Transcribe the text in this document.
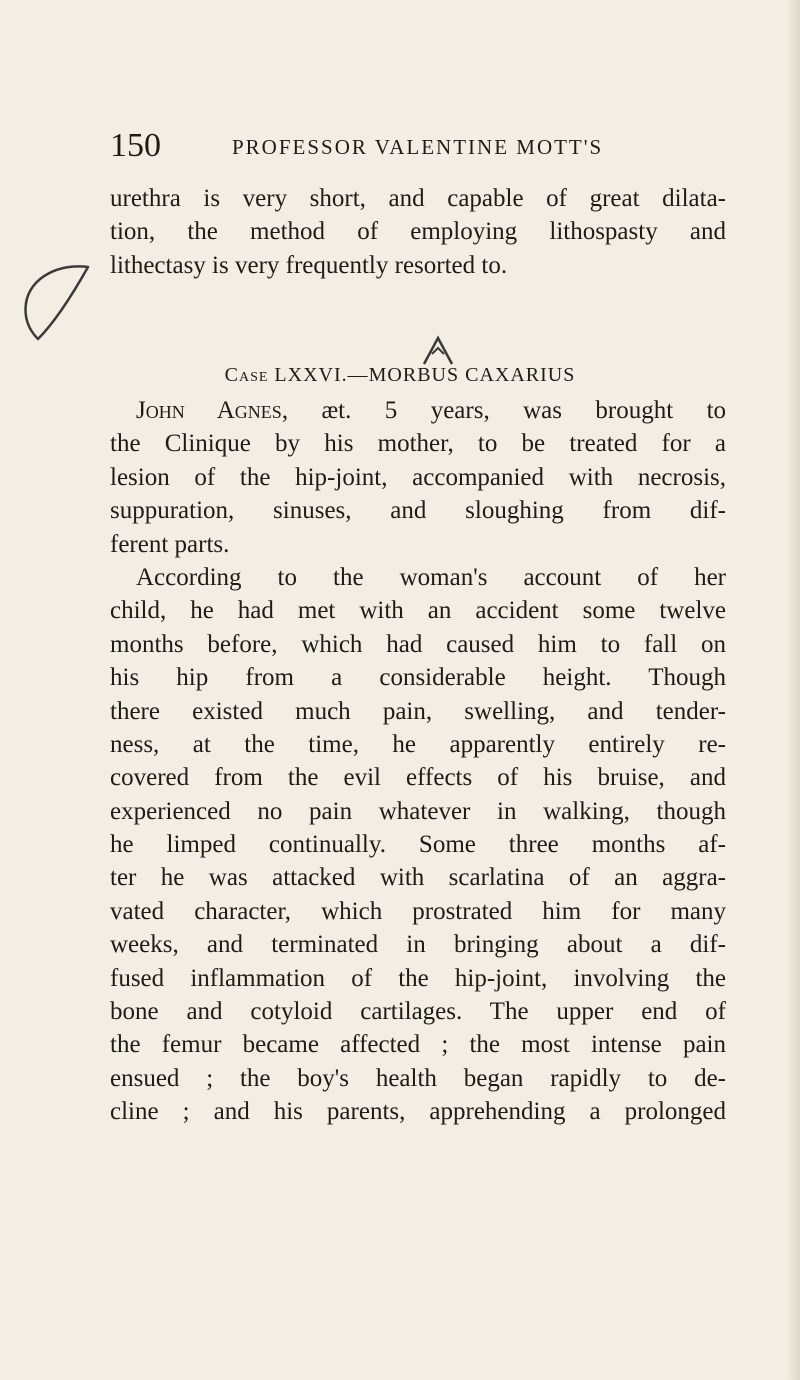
150	PROFESSOR VALENTINE MOTT'S
urethra is very short, and capable of great dilata-
tion, the method of employing lithospasty and
lithectasy is very frequently resorted to.
Case LXXVI.—MORBUS CAXARIUS
John Agnes, æt. 5 years, was brought to
the Clinique by his mother, to be treated for a
lesion of the hip-joint, accompanied with necrosis,
suppuration, sinuses, and sloughing from dif-
ferent parts.
According to the woman's account of her
child, he had met with an accident some twelve
months before, which had caused him to fall on
his hip from a considerable height. Though
there existed much pain, swelling, and tender-
ness, at the time, he apparently entirely re-
covered from the evil effects of his bruise, and
experienced no pain whatever in walking, though
he limped continually. Some three months af-
ter he was attacked with scarlatina of an aggra-
vated character, which prostrated him for many
weeks, and terminated in bringing about a dif-
fused inflammation of the hip-joint, involving the
bone and cotyloid cartilages. The upper end of
the femur became affected ; the most intense pain
ensued ; the boy's health began rapidly to de-
cline ; and his parents, apprehending a prolonged
